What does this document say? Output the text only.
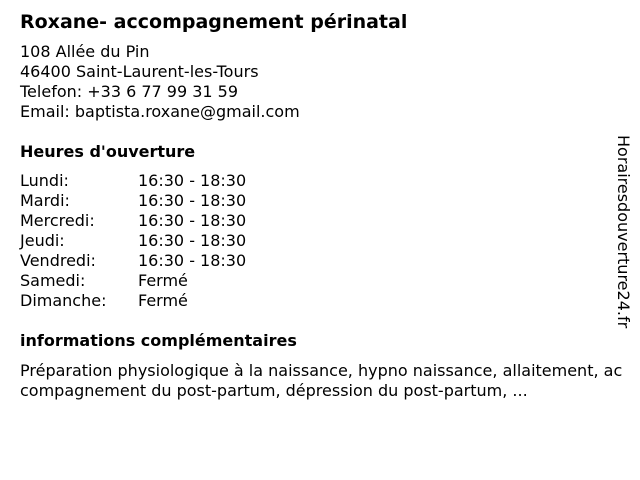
Roxane- accompagnement périnatal
108 Allée du Pin
46400 Saint-Laurent-les-Tours
Telefon: +33 6 77 99 31 59
Email: baptista.roxane@gmail.com
Heures d'ouverture
Lundi:	16:30 - 18:30
Mardi:	16:30 - 18:30
Mercredi:	16:30 - 18:30
Jeudi:	16:30 - 18:30
Vendredi:	16:30 - 18:30
Samedi:	Fermé
Dimanche:	Fermé
informations complémentaires
Préparation physiologique à la naissance, hypno naissance, allaitement, accompagnement du post-partum, dépression du post-partum, ...
Horairesdouverture24.fr
